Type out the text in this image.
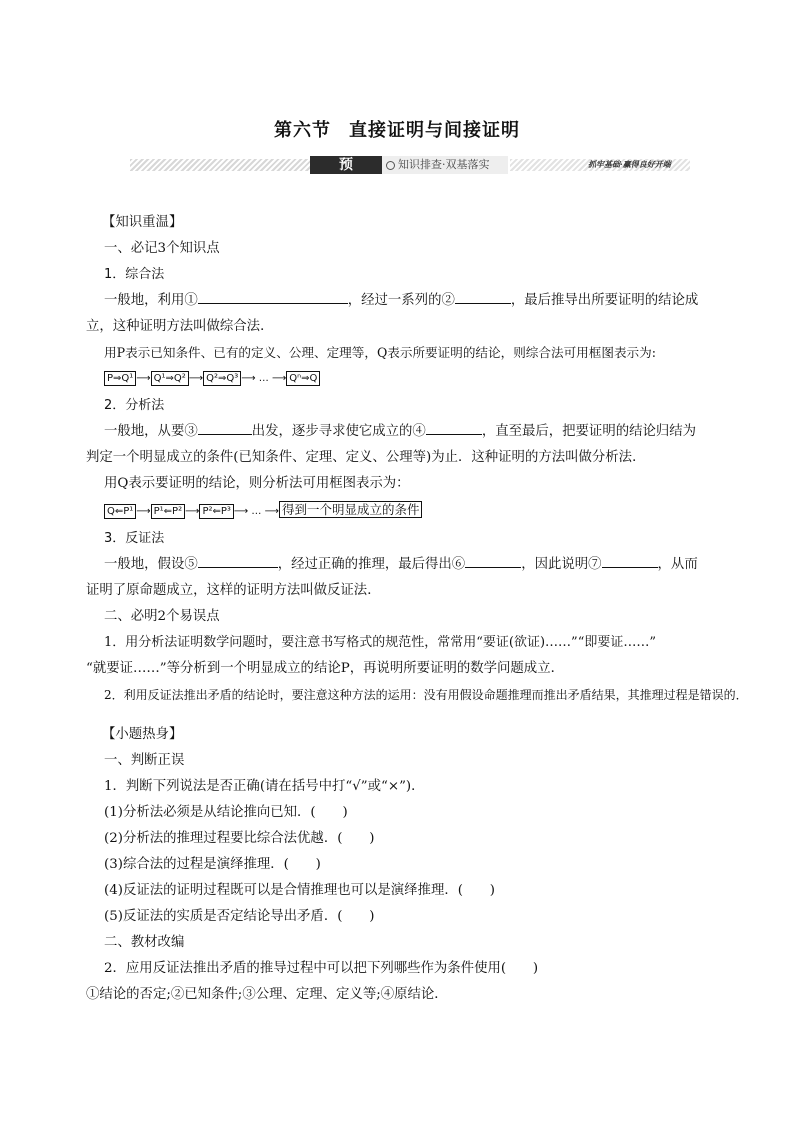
第六节 直接证明与间接证明
预 习
知识排查·双基落实	抓牢基础·赢得良好开端

【知识重温】

一、必记3个知识点

1．综合法

一般地，利用①	，经过一系列的②	，最后推导出所要证明的结论成

立，这种证明方法叫做综合法．

用P表示已知条件、已有的定义、公理、定理等，Q表示所要证明的结论，则综合法可用框图表示为:

P⇒Q¹ ⟶ Q¹⇒Q² ⟶ Q²⇒Q³ ⟶ … ⟶ Qⁿ⇒Q

2．分析法

一般地，从要③	出发，逐步寻求使它成立的④	，直至最后，把要证明的结论归结为

判定一个明显成立的条件(已知条件、定理、定义、公理等)为止．这种证明的方法叫做分析法．

用Q表示要证明的结论，则分析法可用框图表示为：

Q⇐P¹ ⟶ P¹⇐P² ⟶ P²⇐P³ ⟶ … ⟶ 得到一个明显成立的条件

3．反证法

一般地，假设⑤	，经过正确的推理，最后得出⑥	，因此说明⑦	，从而

证明了原命题成立，这样的证明方法叫做反证法．

二、必明2个易误点

1．用分析法证明数学问题时，要注意书写格式的规范性，常常用“要证(欲证)……”“即要证……”

“就要证……”等分析到一个明显成立的结论P，再说明所要证明的数学问题成立．

2．利用反证法推出矛盾的结论时，要注意这种方法的运用：没有用假设命题推理而推出矛盾结果，其推理过程是错误的．

【小题热身】

一、判断正误

1．判断下列说法是否正确(请在括号中打“√”或“×”)．

(1)分析法必须是从结论推向已知．(　　)

(2)分析法的推理过程要比综合法优越．(　　)

(3)综合法的过程是演绎推理．(　　)

(4)反证法的证明过程既可以是合情推理也可以是演绎推理．(　　)

(5)反证法的实质是否定结论导出矛盾．(　　)

二、教材改编

2．应用反证法推出矛盾的推导过程中可以把下列哪些作为条件使用(　　)

①结论的否定;②已知条件;③公理、定理、定义等;④原结论．
